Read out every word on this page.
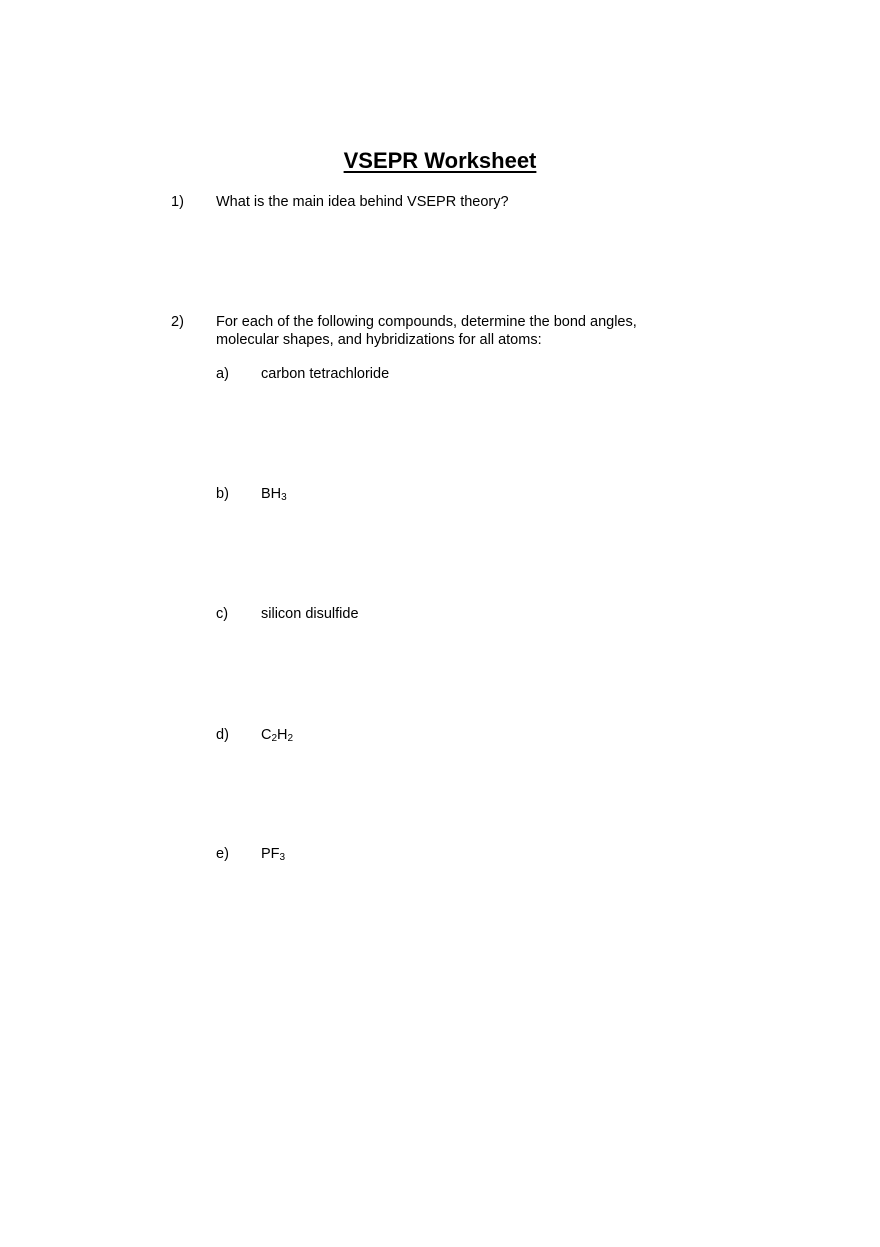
VSEPR Worksheet
1) What is the main idea behind VSEPR theory?
2) For each of the following compounds, determine the bond angles,
molecular shapes, and hybridizations for all atoms:
a) carbon tetrachloride
b) $BH_3$
c) silicon disulfide
d) $C_2H_2$
e) $PF_3$
